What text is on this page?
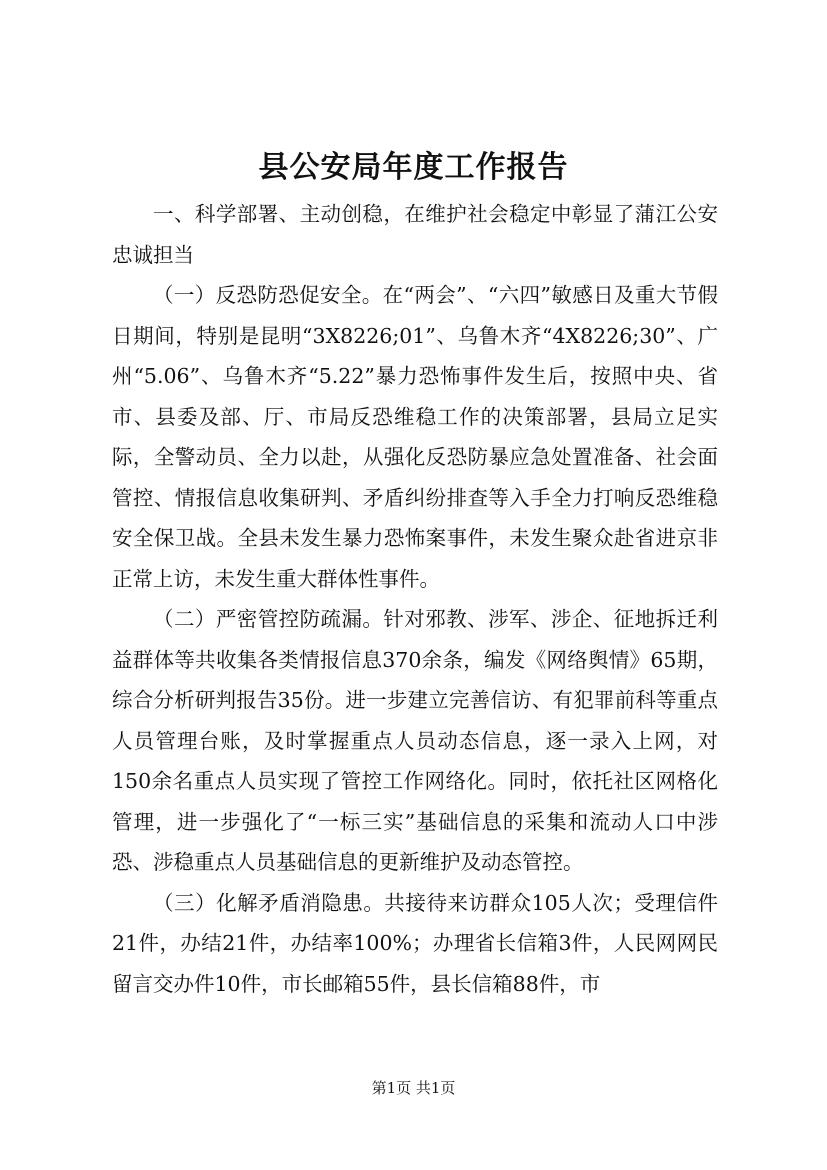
县公安局年度工作报告

一、科学部署、主动创稳，在维护社会稳定中彰显了蒲江公安忠诚担当

（一）反恐防恐促安全。在“两会”、“六四”敏感日及重大节假日期间，特别是昆明“3X8226;01”、乌鲁木齐“4X8226;30”、广州“5.06”、乌鲁木齐“5.22”暴力恐怖事件发生后，按照中央、省市、县委及部、厅、市局反恐维稳工作的决策部署，县局立足实际，全警动员、全力以赴，从强化反恐防暴应急处置准备、社会面管控、情报信息收集研判、矛盾纠纷排查等入手全力打响反恐维稳安全保卫战。全县未发生暴力恐怖案事件，未发生聚众赴省进京非正常上访，未发生重大群体性事件。

（二）严密管控防疏漏。针对邪教、涉军、涉企、征地拆迁利益群体等共收集各类情报信息370余条，编发《网络舆情》65期，综合分析研判报告35份。进一步建立完善信访、有犯罪前科等重点人员管理台账，及时掌握重点人员动态信息，逐一录入上网，对150余名重点人员实现了管控工作网络化。同时，依托社区网格化管理，进一步强化了“一标三实”基础信息的采集和流动人口中涉恐、涉稳重点人员基础信息的更新维护及动态管控。

（三）化解矛盾消隐患。共接待来访群众105人次；受理信件21件，办结21件，办结率100%；办理省长信箱3件，人民网网民留言交办件10件，市长邮箱55件，县长信箱88件，市

第1页 共1页
